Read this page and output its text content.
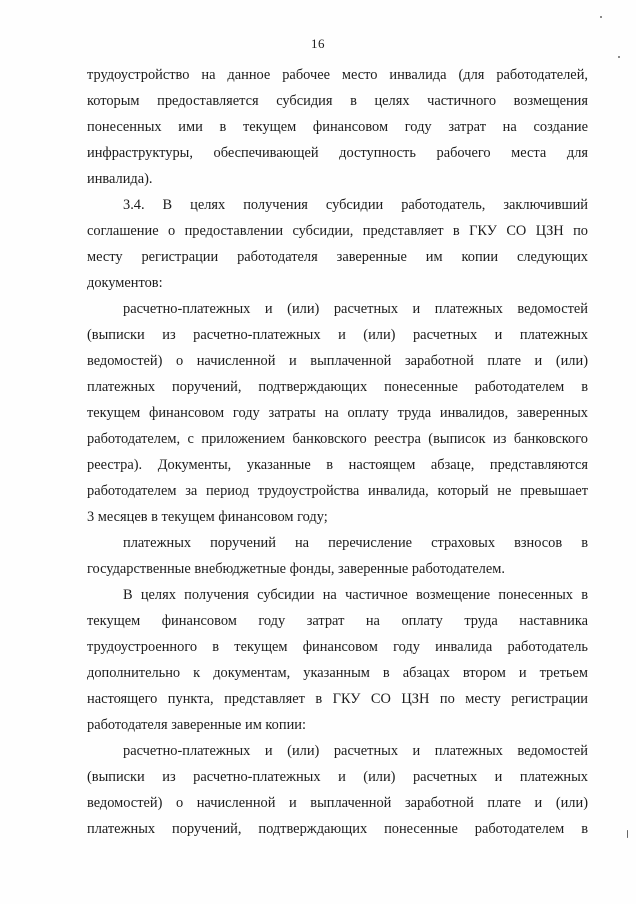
16
трудоустройство на данное рабочее место инвалида (для работодателей,
которым предоставляется субсидия в целях частичного возмещения
понесенных ими в текущем финансовом году затрат на создание
инфраструктуры, обеспечивающей доступность рабочего места для
инвалида).
3.4. В целях получения субсидии работодатель, заключивший
соглашение о предоставлении субсидии, представляет в ГКУ СО ЦЗН по
месту регистрации работодателя заверенные им копии следующих
документов:
расчетно-платежных и (или) расчетных и платежных ведомостей
(выписки из расчетно-платежных и (или) расчетных и платежных
ведомостей) о начисленной и выплаченной заработной плате и (или)
платежных поручений, подтверждающих понесенные работодателем в
текущем финансовом году затраты на оплату труда инвалидов, заверенных
работодателем, с приложением банковского реестра (выписок из банковского
реестра). Документы, указанные в настоящем абзаце, представляются
работодателем за период трудоустройства инвалида, который не превышает
3 месяцев в текущем финансовом году;
платежных поручений на перечисление страховых взносов в
государственные внебюджетные фонды, заверенные работодателем.
В целях получения субсидии на частичное возмещение понесенных в
текущем финансовом году затрат на оплату труда наставника
трудоустроенного в текущем финансовом году инвалида работодатель
дополнительно к документам, указанным в абзацах втором и третьем
настоящего пункта, представляет в ГКУ СО ЦЗН по месту регистрации
работодателя заверенные им копии:
расчетно-платежных и (или) расчетных и платежных ведомостей
(выписки из расчетно-платежных и (или) расчетных и платежных
ведомостей) о начисленной и выплаченной заработной плате и (или)
платежных поручений, подтверждающих понесенные работодателем в
